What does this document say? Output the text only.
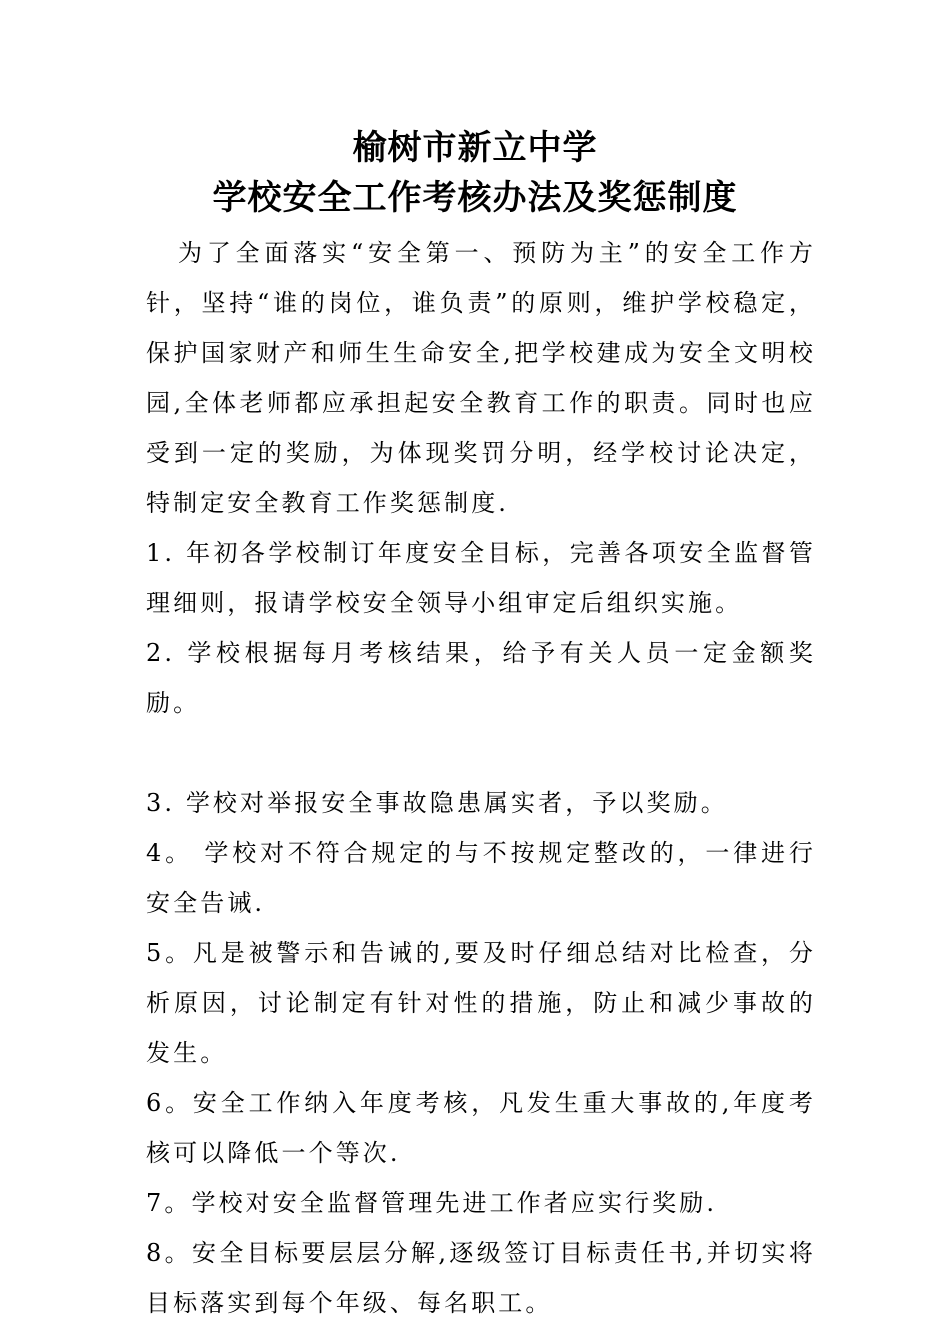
榆树市新立中学
学校安全工作考核办法及奖惩制度

为了全面落实“安全第一、预防为主”的安全工作方针，坚持“谁的岗位，谁负责”的原则，维护学校稳定，保护国家财产和师生生命安全,把学校建成为安全文明校园,全体老师都应承担起安全教育工作的职责。同时也应受到一定的奖励，为体现奖罚分明，经学校讨论决定，特制定安全教育工作奖惩制度.

1. 年初各学校制订年度安全目标，完善各项安全监督管理细则，报请学校安全领导小组审定后组织实施。

2. 学校根据每月考核结果，给予有关人员一定金额奖励。

3. 学校对举报安全事故隐患属实者，予以奖励。

4。 学校对不符合规定的与不按规定整改的，一律进行安全告诫.

5。凡是被警示和告诫的,要及时仔细总结对比检查，分析原因，讨论制定有针对性的措施，防止和减少事故的发生。

6。安全工作纳入年度考核，凡发生重大事故的,年度考核可以降低一个等次.

7。学校对安全监督管理先进工作者应实行奖励.

8。安全目标要层层分解,逐级签订目标责任书,并切实将目标落实到每个年级、每名职工。
